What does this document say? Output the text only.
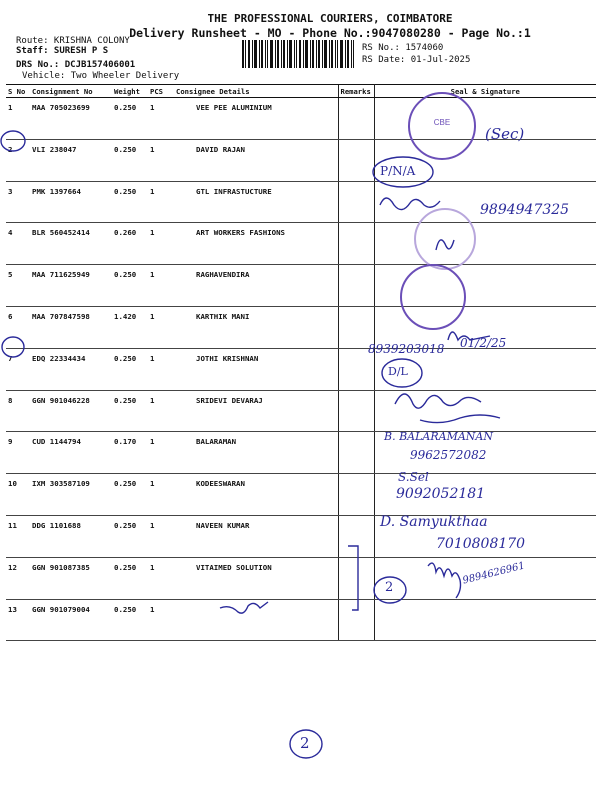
THE PROFESSIONAL COURIERS, COIMBATORE
Delivery Runsheet - MO - Phone No.:9047080280 - Page No.:1
Route: KRISHNA COLONY
Staff: SURESH P S
DRS No.: DCJB157406001
Vehicle: Two Wheeler Delivery
RS No.: 1574060
RS Date: 01-Jul-2025
S No	Consignment No	Weight	PCS	Consignee Details	Remarks	Seal & Signature
1	MAA 705023699	0.250	1	VEE PEE ALUMINIUM		
2	VLI 238047	0.250	1	DAVID RAJAN		
3	PMK 1397664	0.250	1	GTL INFRASTUCTURE		
4	BLR 560452414	0.260	1	ART WORKERS FASHIONS		
5	MAA 711625949	0.250	1	RAGHAVENDIRA		
6	MAA 707847598	1.420	1	KARTHIK MANI		
7	EDQ 22334434	0.250	1	JOTHI KRISHNAN		
8	GGN 901046228	0.250	1	SRIDEVI DEVARAJ		
9	CUD 1144794	0.170	1	BALARAMAN		
10	IXM 303587109	0.250	1	KODEESWARAN		
11	DDG 1101688	0.250	1	NAVEEN KUMAR		
12	GGN 901087385	0.250	1	VITAIMED SOLUTION		
13	GGN 901079004	0.250	1			
CBE
(Sec)
P/N/A
9894947325
8939203018 01/2/25
D/L
B. BALARAMANAN
9962572082
S.Sel
9092052181
D. Samyukthaa
7010808170
9894626961
2
2
